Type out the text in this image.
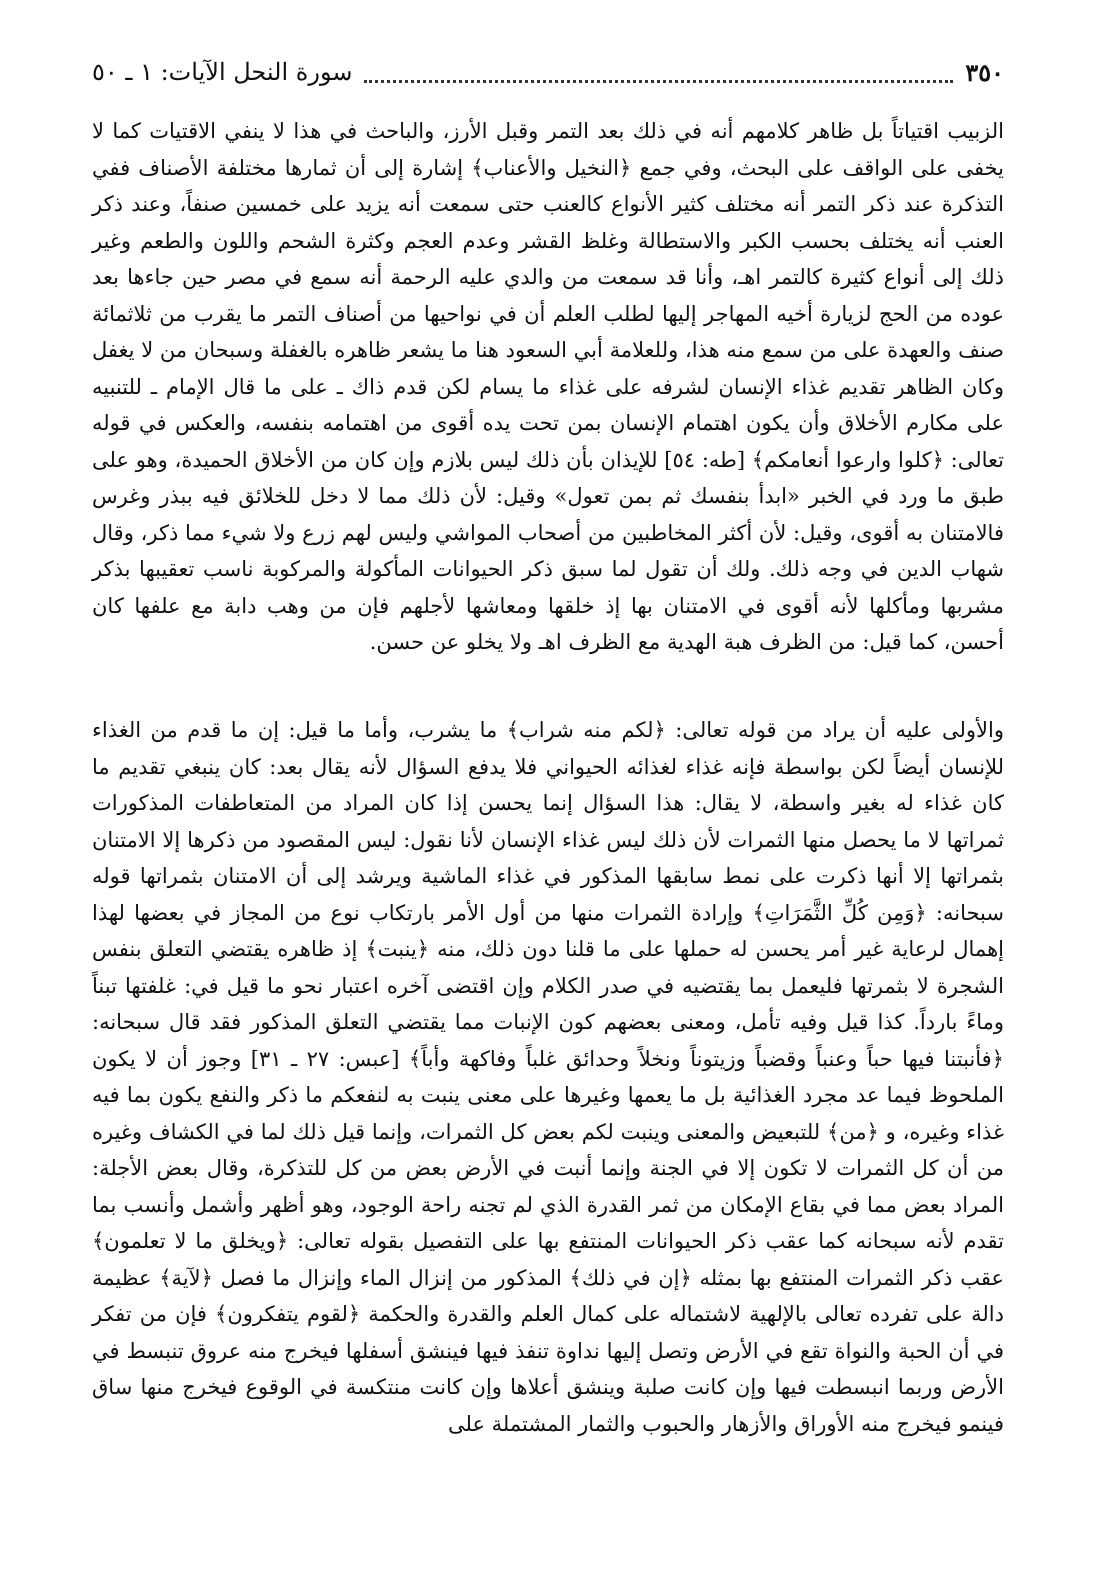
٣٥٠
سورة النحل الآيات: ١ ـ ٥٠
الزبيب اقتياتاً بل ظاهر كلامهم أنه في ذلك بعد التمر وقبل الأرز، والباحث في هذا لا ينفي الاقتيات كما لا يخفى على الواقف على البحث، وفي جمع ﴿النخيل والأعناب﴾ إشارة إلى أن ثمارها مختلفة الأصناف ففي التذكرة عند ذكر التمر أنه مختلف كثير الأنواع كالعنب حتى سمعت أنه يزيد على خمسين صنفاً، وعند ذكر العنب أنه يختلف بحسب الكبر والاستطالة وغلظ القشر وعدم العجم وكثرة الشحم واللون والطعم وغير ذلك إلى أنواع كثيرة كالتمر اهـ، وأنا قد سمعت من والدي عليه الرحمة أنه سمع في مصر حين جاءها بعد عوده من الحج لزيارة أخيه المهاجر إليها لطلب العلم أن في نواحيها من أصناف التمر ما يقرب من ثلاثمائة صنف والعهدة على من سمع منه هذا، وللعلامة أبي السعود هنا ما يشعر ظاهره بالغفلة وسبحان من لا يغفل وكان الظاهر تقديم غذاء الإنسان لشرفه على غذاء ما يسام لكن قدم ذاك ـ على ما قال الإمام ـ للتنبيه على مكارم الأخلاق وأن يكون اهتمام الإنسان بمن تحت يده أقوى من اهتمامه بنفسه، والعكس في قوله تعالى: ﴿كلوا وارعوا أنعامكم﴾ [طه: ٥٤] للإيذان بأن ذلك ليس بلازم وإن كان من الأخلاق الحميدة، وهو على طبق ما ورد في الخبر «ابدأ بنفسك ثم بمن تعول» وقيل: لأن ذلك مما لا دخل للخلائق فيه ببذر وغرس فالامتنان به أقوى، وقيل: لأن أكثر المخاطبين من أصحاب المواشي وليس لهم زرع ولا شيء مما ذكر، وقال شهاب الدين في وجه ذلك. ولك أن تقول لما سبق ذكر الحيوانات المأكولة والمركوبة ناسب تعقيبها بذكر مشربها ومأكلها لأنه أقوى في الامتنان بها إذ خلقها ومعاشها لأجلهم فإن من وهب دابة مع علفها كان أحسن، كما قيل: من الظرف هبة الهدية مع الظرف اهـ ولا يخلو عن حسن.
والأولى عليه أن يراد من قوله تعالى: ﴿لكم منه شراب﴾ ما يشرب، وأما ما قيل: إن ما قدم من الغذاء للإنسان أيضاً لكن بواسطة فإنه غذاء لغذائه الحيواني فلا يدفع السؤال لأنه يقال بعد: كان ينبغي تقديم ما كان غذاء له بغير واسطة، لا يقال: هذا السؤال إنما يحسن إذا كان المراد من المتعاطفات المذكورات ثمراتها لا ما يحصل منها الثمرات لأن ذلك ليس غذاء الإنسان لأنا نقول: ليس المقصود من ذكرها إلا الامتنان بثمراتها إلا أنها ذكرت على نمط سابقها المذكور في غذاء الماشية ويرشد إلى أن الامتنان بثمراتها قوله سبحانه: ﴿وَمِن كُلِّ الثَّمَرَاتِ﴾ وإرادة الثمرات منها من أول الأمر بارتكاب نوع من المجاز في بعضها لهذا إهمال لرعاية غير أمر يحسن له حملها على ما قلنا دون ذلك، منه ﴿ينبت﴾ إذ ظاهره يقتضي التعلق بنفس الشجرة لا بثمرتها فليعمل بما يقتضيه في صدر الكلام وإن اقتضى آخره اعتبار نحو ما قيل في: غلفتها تبناً وماءً بارداً. كذا قيل وفيه تأمل، ومعنى بعضهم كون الإنبات مما يقتضي التعلق المذكور فقد قال سبحانه: ﴿فأنبتنا فيها حباً وعنباً وقضباً وزيتوناً ونخلاً وحدائق غلباً وفاكهة وأباً﴾ [عبس: ٢٧ ـ ٣١] وجوز أن لا يكون الملحوظ فيما عد مجرد الغذائية بل ما يعمها وغيرها على معنى ينبت به لنفعكم ما ذكر والنفع يكون بما فيه غذاء وغيره، و ﴿من﴾ للتبعيض والمعنى وينبت لكم بعض كل الثمرات، وإنما قيل ذلك لما في الكشاف وغيره من أن كل الثمرات لا تكون إلا في الجنة وإنما أنبت في الأرض بعض من كل للتذكرة، وقال بعض الأجلة: المراد بعض مما في بقاع الإمكان من ثمر القدرة الذي لم تجنه راحة الوجود، وهو أظهر وأشمل وأنسب بما تقدم لأنه سبحانه كما عقب ذكر الحيوانات المنتفع بها على التفصيل بقوله تعالى: ﴿ويخلق ما لا تعلمون﴾ عقب ذكر الثمرات المنتفع بها بمثله ﴿إن في ذلك﴾ المذكور من إنزال الماء وإنزال ما فصل ﴿لآية﴾ عظيمة دالة على تفرده تعالى بالإلهية لاشتماله على كمال العلم والقدرة والحكمة ﴿لقوم يتفكرون﴾ فإن من تفكر في أن الحبة والنواة تقع في الأرض وتصل إليها نداوة تنفذ فيها فينشق أسفلها فيخرج منه عروق تنبسط في الأرض وربما انبسطت فيها وإن كانت صلبة وينشق أعلاها وإن كانت منتكسة في الوقوع فيخرج منها ساق فينمو فيخرج منه الأوراق والأزهار والحبوب والثمار المشتملة على
